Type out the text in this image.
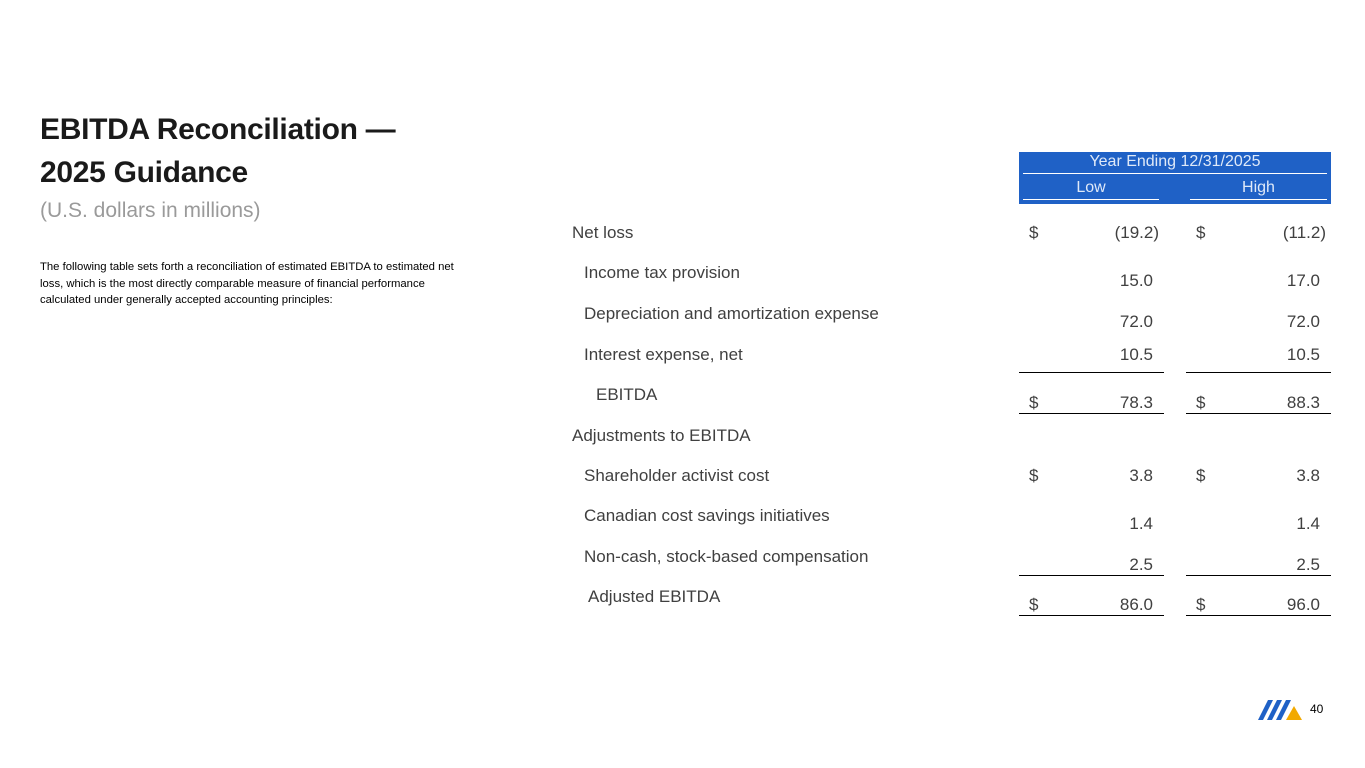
EBITDA Reconciliation —
2025 Guidance
(U.S. dollars in millions)
The following table sets forth a reconciliation of estimated EBITDA to estimated net loss, which is the most directly comparable measure of financial performance calculated under generally accepted accounting principles:
Year Ending 12/31/2025
Low	High
Net loss	$	(19.2) $	(11.2)
Income tax provision	15.0	17.0
Depreciation and amortization expense	72.0	72.0
Interest expense, net	10.5	10.5
EBITDA	$	78.3	$	88.3
Adjustments to EBITDA
Shareholder activist cost	$	3.8	$	3.8
Canadian cost savings initiatives	1.4	1.4
Non-cash, stock-based compensation	2.5	2.5
Adjusted EBITDA	$	86.0	$	96.0
40
